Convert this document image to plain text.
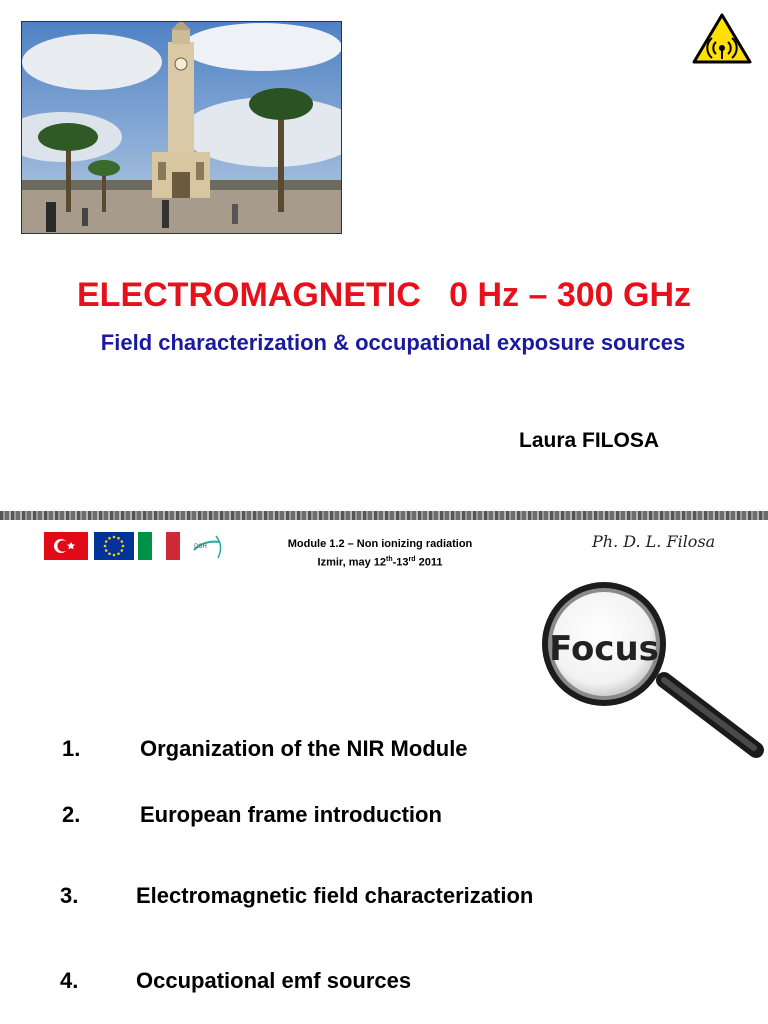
ELECTROMAGNETIC   0 Hz – 300 GHz
Field characterization & occupational exposure sources
Laura FILOSA
DSH	Module 1.2 – Non ionizing radiation
Izmir, may 12th-13rd 2011
Ph. D. L. Filosa
Focus
1.	Organization of the NIR Module
2.	European frame introduction
3.	Electromagnetic field characterization
4.	Occupational emf sources
